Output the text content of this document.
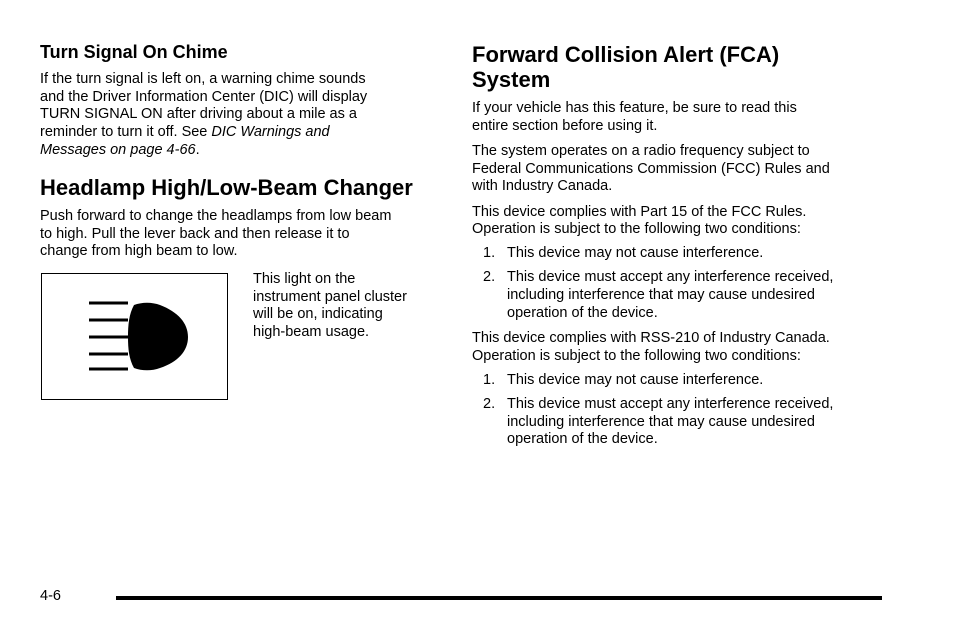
Turn Signal On Chime
If the turn signal is left on, a warning chime sounds
and the Driver Information Center (DIC) will display
TURN SIGNAL ON after driving about a mile as a
reminder to turn it off. See DIC Warnings and
Messages on page 4-66.
Headlamp High/Low-Beam Changer
Push forward to change the headlamps from low beam
to high. Pull the lever back and then release it to
change from high beam to low.
This light on the
instrument panel cluster
will be on, indicating
high-beam usage.
Forward Collision Alert (FCA)
System
If your vehicle has this feature, be sure to read this
entire section before using it.
The system operates on a radio frequency subject to
Federal Communications Commission (FCC) Rules and
with Industry Canada.
This device complies with Part 15 of the FCC Rules.
Operation is subject to the following two conditions:
1. This device may not cause interference.
2. This device must accept any interference received,
including interference that may cause undesired
operation of the device.
This device complies with RSS-210 of Industry Canada.
Operation is subject to the following two conditions:
1. This device may not cause interference.
2. This device must accept any interference received,
including interference that may cause undesired
operation of the device.
4-6
